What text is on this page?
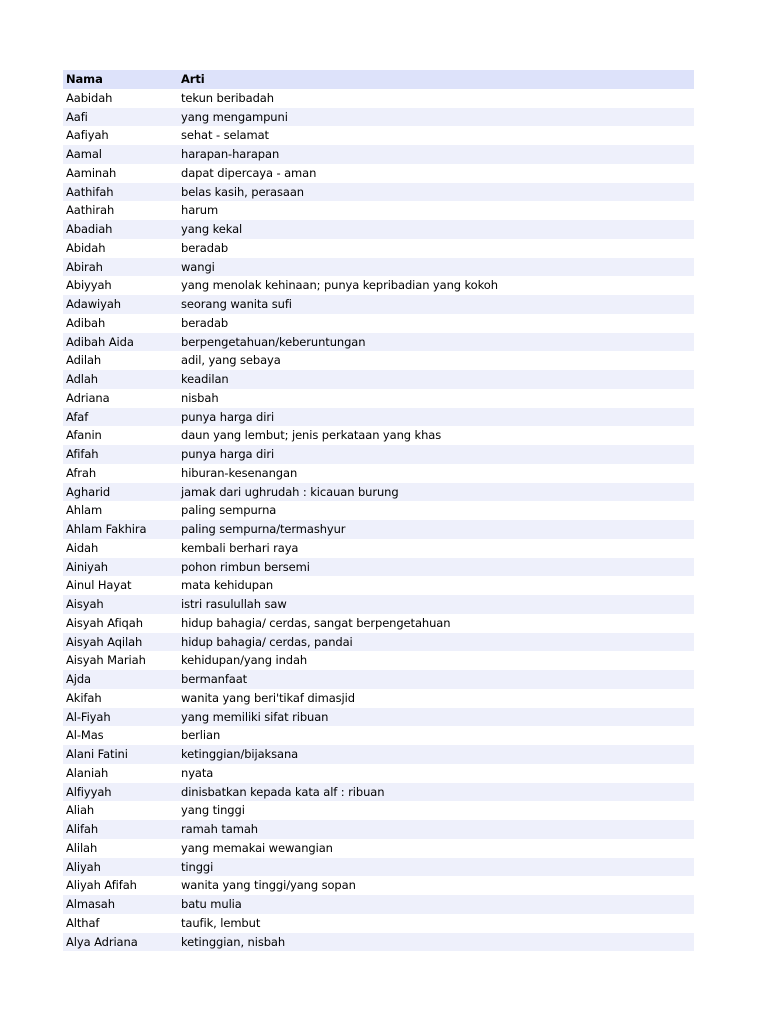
Nama	Arti
Aabidah	tekun beribadah
Aafi	yang mengampuni
Aafiyah	sehat - selamat
Aamal	harapan-harapan
Aaminah	dapat dipercaya - aman
Aathifah	belas kasih, perasaan
Aathirah	harum
Abadiah	yang kekal
Abidah	beradab
Abirah	wangi
Abiyyah	yang menolak kehinaan; punya kepribadian yang kokoh
Adawiyah	seorang wanita sufi
Adibah	beradab
Adibah Aida	berpengetahuan/keberuntungan
Adilah	adil, yang sebaya
Adlah	keadilan
Adriana	nisbah
Afaf	punya harga diri
Afanin	daun yang lembut; jenis perkataan yang khas
Afifah	punya harga diri
Afrah	hiburan-kesenangan
Agharid	jamak dari ughrudah : kicauan burung
Ahlam	paling sempurna
Ahlam Fakhira	paling sempurna/termashyur
Aidah	kembali berhari raya
Ainiyah	pohon rimbun bersemi
Ainul Hayat	mata kehidupan
Aisyah	istri rasulullah saw
Aisyah Afiqah	hidup bahagia/ cerdas, sangat berpengetahuan
Aisyah Aqilah	hidup bahagia/ cerdas, pandai
Aisyah Mariah	kehidupan/yang indah
Ajda	bermanfaat
Akifah	wanita yang beri'tikaf dimasjid
Al-Fiyah	yang memiliki sifat ribuan
Al-Mas	berlian
Alani Fatini	ketinggian/bijaksana
Alaniah	nyata
Alfiyyah	dinisbatkan kepada kata alf : ribuan
Aliah	yang tinggi
Alifah	ramah tamah
Alilah	yang memakai wewangian
Aliyah	tinggi
Aliyah Afifah	wanita yang tinggi/yang sopan
Almasah	batu mulia
Althaf	taufik, lembut
Alya Adriana	ketinggian, nisbah
